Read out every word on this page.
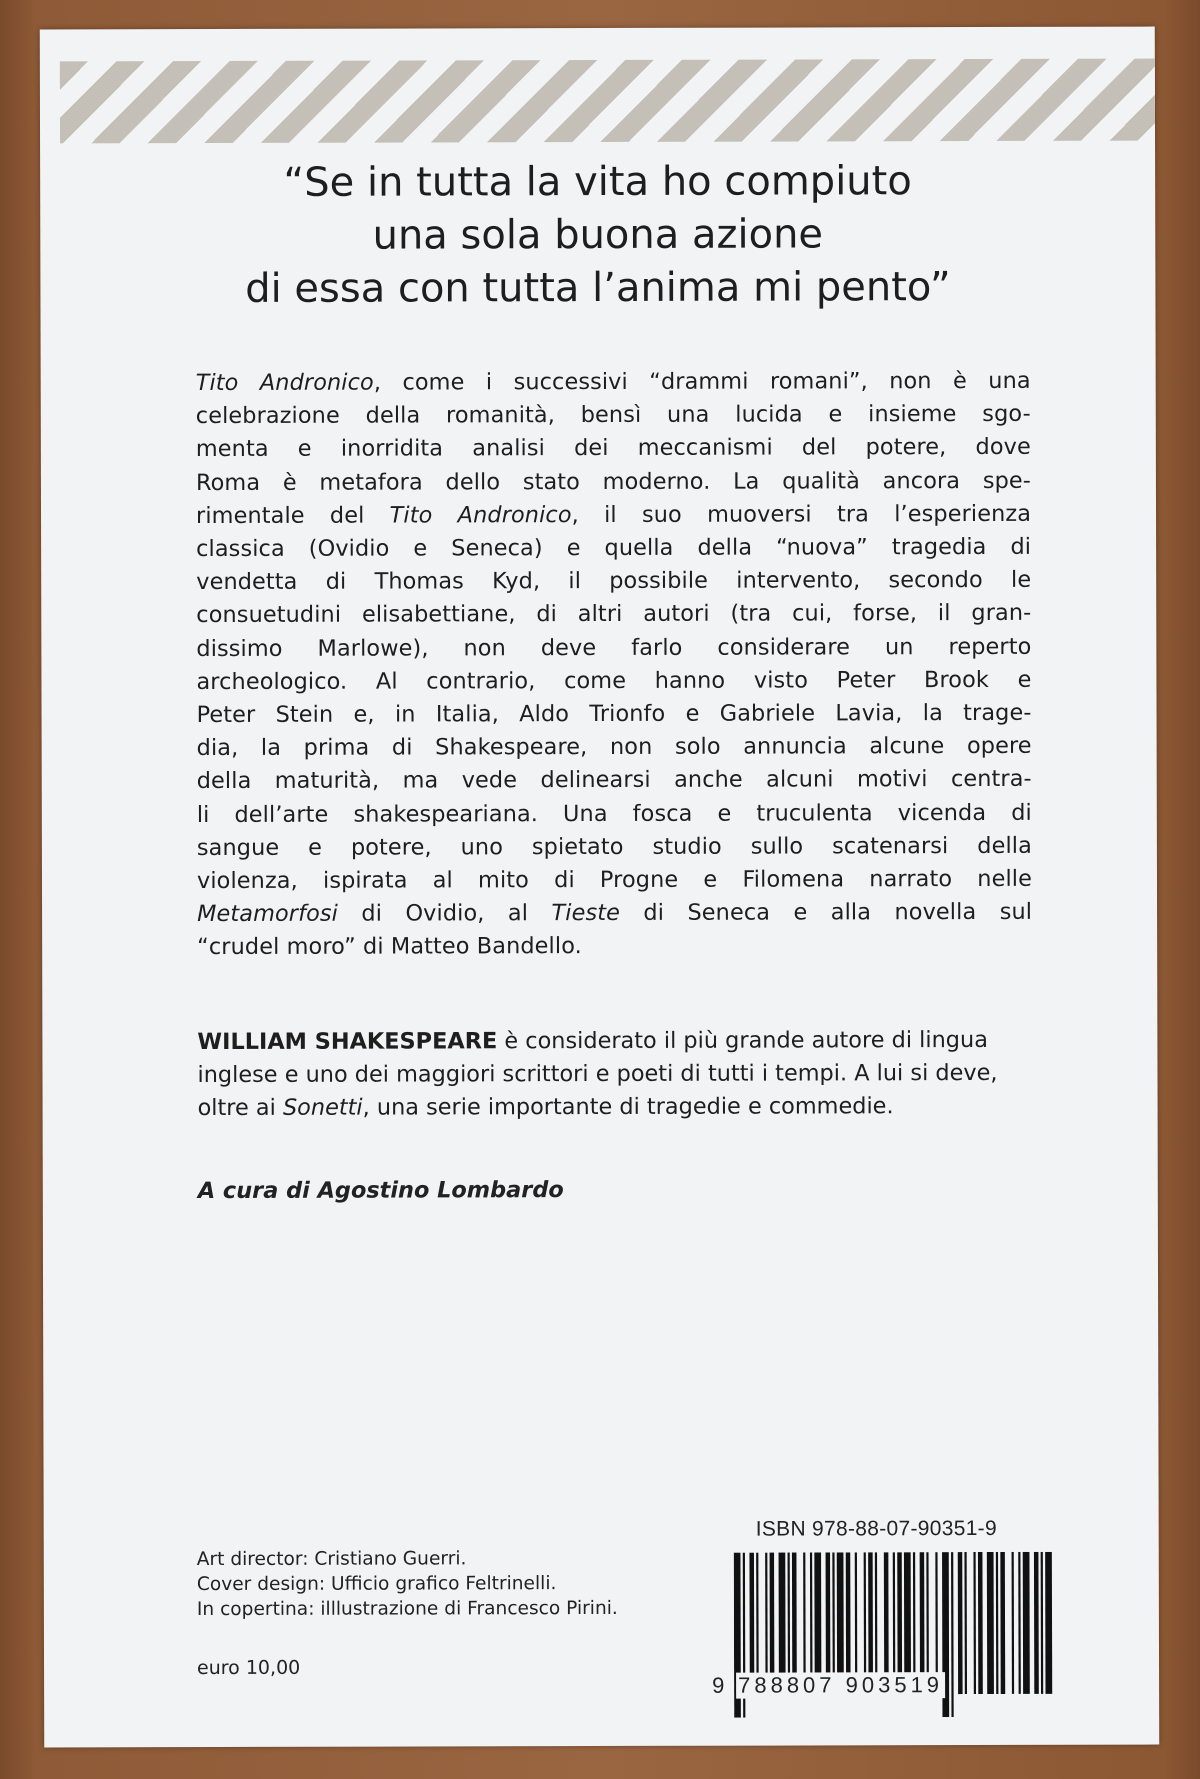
“Se in tutta la vita ho compiuto
una sola buona azione
di essa con tutta l’anima mi pento”
Tito Andronico, come i successivi “drammi romani”, non è una
celebrazione della romanità, bensì una lucida e insieme sgo-
menta e inorridita analisi dei meccanismi del potere, dove
Roma è metafora dello stato moderno. La qualità ancora spe-
rimentale del Tito Andronico, il suo muoversi tra l’esperienza
classica (Ovidio e Seneca) e quella della “nuova” tragedia di
vendetta di Thomas Kyd, il possibile intervento, secondo le
consuetudini elisabettiane, di altri autori (tra cui, forse, il gran-
dissimo Marlowe), non deve farlo considerare un reperto
archeologico. Al contrario, come hanno visto Peter Brook e
Peter Stein e, in Italia, Aldo Trionfo e Gabriele Lavia, la trage-
dia, la prima di Shakespeare, non solo annuncia alcune opere
della maturità, ma vede delinearsi anche alcuni motivi centra-
li dell’arte shakespeariana. Una fosca e truculenta vicenda di
sangue e potere, uno spietato studio sullo scatenarsi della
violenza, ispirata al mito di Progne e Filomena narrato nelle
Metamorfosi di Ovidio, al Tieste di Seneca e alla novella sul
“crudel moro” di Matteo Bandello.
WILLIAM SHAKESPEARE è considerato il più grande autore di lingua
inglese e uno dei maggiori scrittori e poeti di tutti i tempi. A lui si deve,
oltre ai Sonetti, una serie importante di tragedie e commedie.
A cura di Agostino Lombardo
Art director: Cristiano Guerri.
Cover design: Ufficio grafico Feltrinelli.
In copertina: illlustrazione di Francesco Pirini.
euro 10,00
ISBN 978-88-07-90351-9
9 788807 903519
